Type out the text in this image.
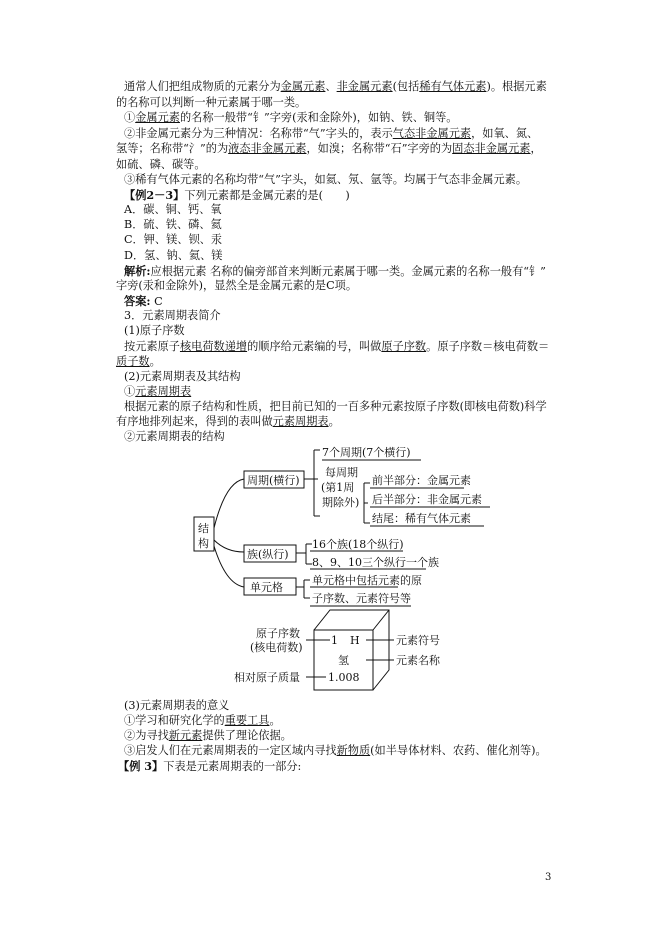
通常人们把组成物质的元素分为金属元素、非金属元素(包括稀有气体元素)。根据元素
的名称可以判断一种元素属于哪一类。
①金属元素的名称一般带“钅”字旁(汞和金除外)，如钠、铁、铜等。
②非金属元素分为三种情况：名称带“气”字头的，表示气态非金属元素，如氧、氮、
氢等；名称带“氵”的为液态非金属元素，如溴；名称带“石”字旁的为固态非金属元素，
如硫、磷、碳等。
③稀有气体元素的名称均带“气”字头，如氦、氖、氩等。均属于气态非金属元素。
【例2－3】下列元素都是金属元素的是(　　)
A．碳、铜、钙、氧
B．硫、铁、磷、氦
C．钾、镁、钡、汞
D．氢、钠、氦、镁
解析:应根据元素 名称的偏旁部首来判断元素属于哪一类。金属元素的名称一般有“钅”
字旁(汞和金除外)，显然全是金属元素的是C项。
答案: C
3．元素周期表简介
(1)原子序数
按元素原子核电荷数递增的顺序给元素编的号，叫做原子序数。原子序数＝核电荷数＝
质子数。
(2)元素周期表及其结构
①元素周期表
根据元素的原子结构和性质，把目前已知的一百多种元素按原子序数(即核电荷数)科学
有序地排列起来，得到的表叫做元素周期表。
②元素周期表的结构
结构
周期(横行)
7个周期(7个横行)
每周期
(第1周
期除外)
前半部分：金属元素
后半部分：非金属元素
结尾：稀有气体元素
族(纵行)
16个族(18个纵行)
8、9、10三个纵行一个族
单元格
单元格中包括元素的原
子序数、元素符号等
原子序数
(核电荷数)
1 H
氢
1.008
元素符号
元素名称
相对原子质量
(3)元素周期表的意义
①学习和研究化学的重要工具。
②为寻找新元素提供了理论依据。
③启发人们在元素周期表的一定区域内寻找新物质(如半导体材料、农药、催化剂等)。
【例 3】下表是元素周期表的一部分:
3
